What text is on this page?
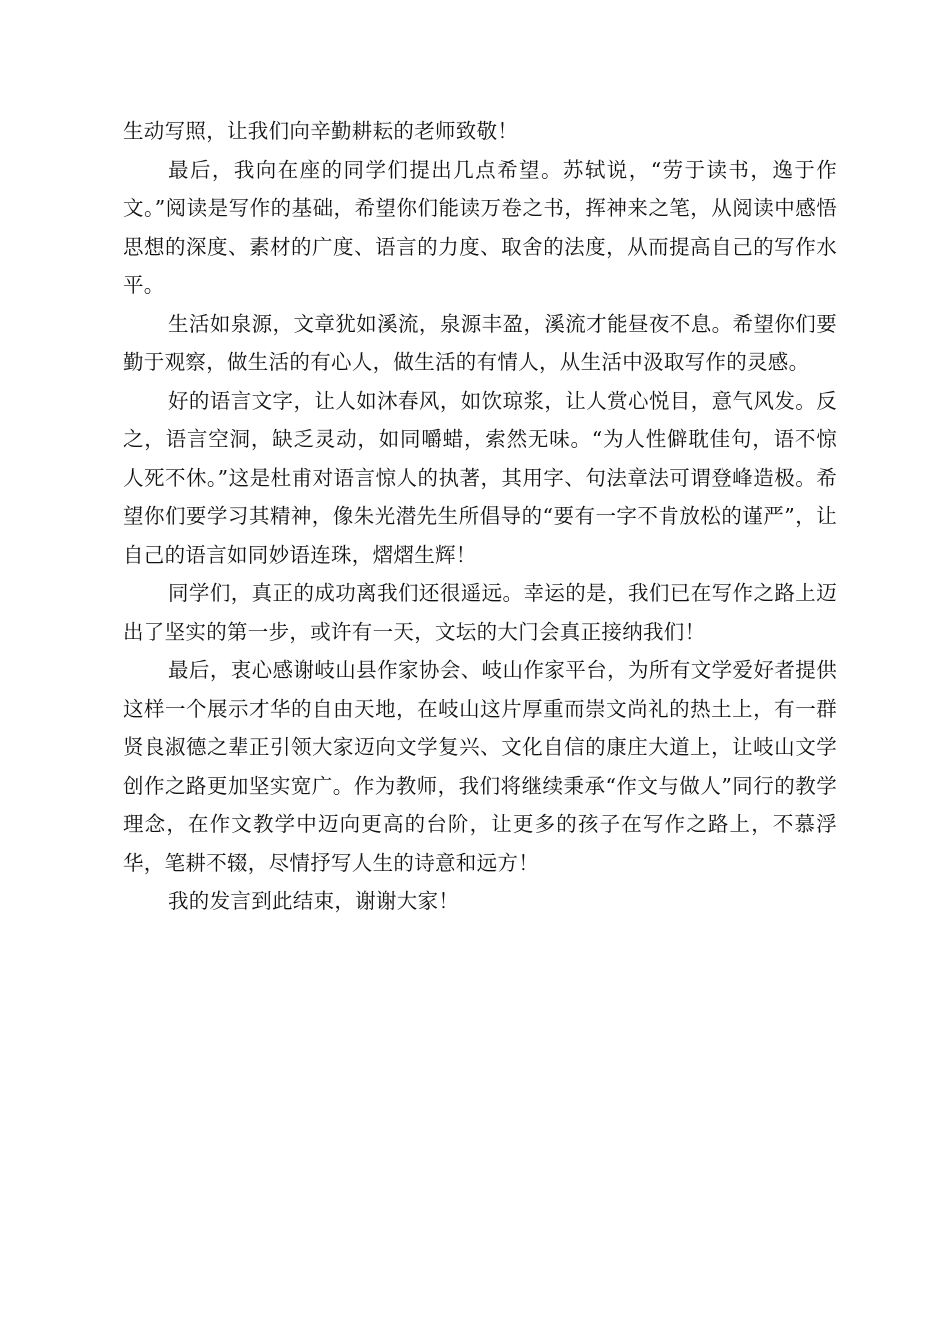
生动写照，让我们向辛勤耕耘的老师致敬！

最后，我向在座的同学们提出几点希望。苏轼说，“劳于读书，逸于作文。”阅读是写作的基础，希望你们能读万卷之书，挥神来之笔，从阅读中感悟思想的深度、素材的广度、语言的力度、取舍的法度，从而提高自己的写作水平。

生活如泉源，文章犹如溪流，泉源丰盈，溪流才能昼夜不息。希望你们要勤于观察，做生活的有心人，做生活的有情人，从生活中汲取写作的灵感。

好的语言文字，让人如沐春风，如饮琼浆，让人赏心悦目，意气风发。反之，语言空洞，缺乏灵动，如同嚼蜡，索然无味。“为人性僻耽佳句，语不惊人死不休。”这是杜甫对语言惊人的执著，其用字、句法章法可谓登峰造极。希望你们要学习其精神，像朱光潜先生所倡导的“要有一字不肯放松的谨严”，让自己的语言如同妙语连珠，熠熠生辉！

同学们，真正的成功离我们还很遥远。幸运的是，我们已在写作之路上迈出了坚实的第一步，或许有一天，文坛的大门会真正接纳我们！

最后，衷心感谢岐山县作家协会、岐山作家平台，为所有文学爱好者提供这样一个展示才华的自由天地，在岐山这片厚重而崇文尚礼的热土上，有一群贤良淑德之辈正引领大家迈向文学复兴、文化自信的康庄大道上，让岐山文学创作之路更加坚实宽广。作为教师，我们将继续秉承“作文与做人”同行的教学理念，在作文教学中迈向更高的台阶，让更多的孩子在写作之路上，不慕浮华，笔耕不辍，尽情抒写人生的诗意和远方！

我的发言到此结束，谢谢大家！
